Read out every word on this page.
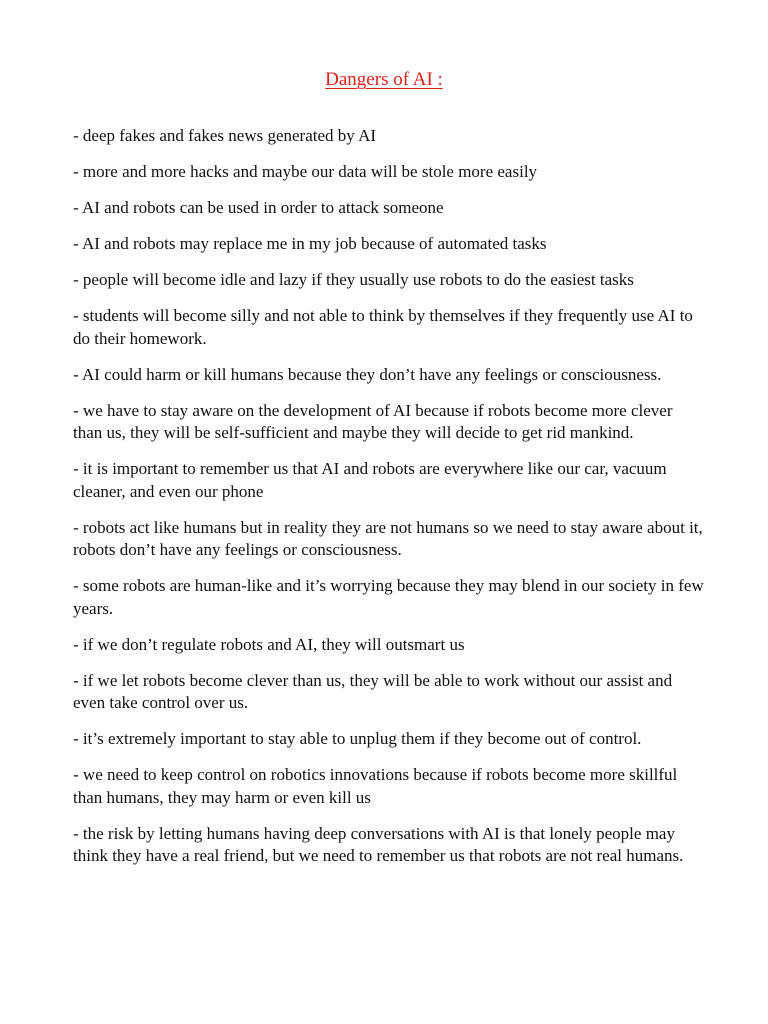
Dangers of AI :
- deep fakes and fakes news generated by AI
- more and more hacks and maybe our data will be stole more easily
- AI and robots can be used in order to attack someone
- AI and robots may replace me in my job because of automated tasks
- people will become idle and lazy if they usually use robots to do the easiest tasks
- students will become silly and not able to think by themselves if they frequently use AI to do their homework.
- AI could harm or kill humans because they don’t have any feelings or consciousness.
- we have to stay aware on the development of AI because if robots become more clever than us, they will be self-sufficient and maybe they will decide to get rid mankind.
- it is important to remember us that AI and robots are everywhere like our car, vacuum cleaner, and even our phone
- robots act like humans but in reality they are not humans so we need to stay aware about it, robots don’t have any feelings or consciousness.
- some robots are human-like and it’s worrying because they may blend in our society in few years.
- if we don’t regulate robots and AI, they will outsmart us
- if we let robots become clever than us, they will be able to work without our assist and even take control over us.
- it’s extremely important to stay able to unplug them if they become out of control.
- we need to keep control on robotics innovations because if robots become more skillful than humans, they may harm or even kill us
- the risk by letting humans having deep conversations with AI is that lonely people may think they have a real friend, but we need to remember us that robots are not real humans.
